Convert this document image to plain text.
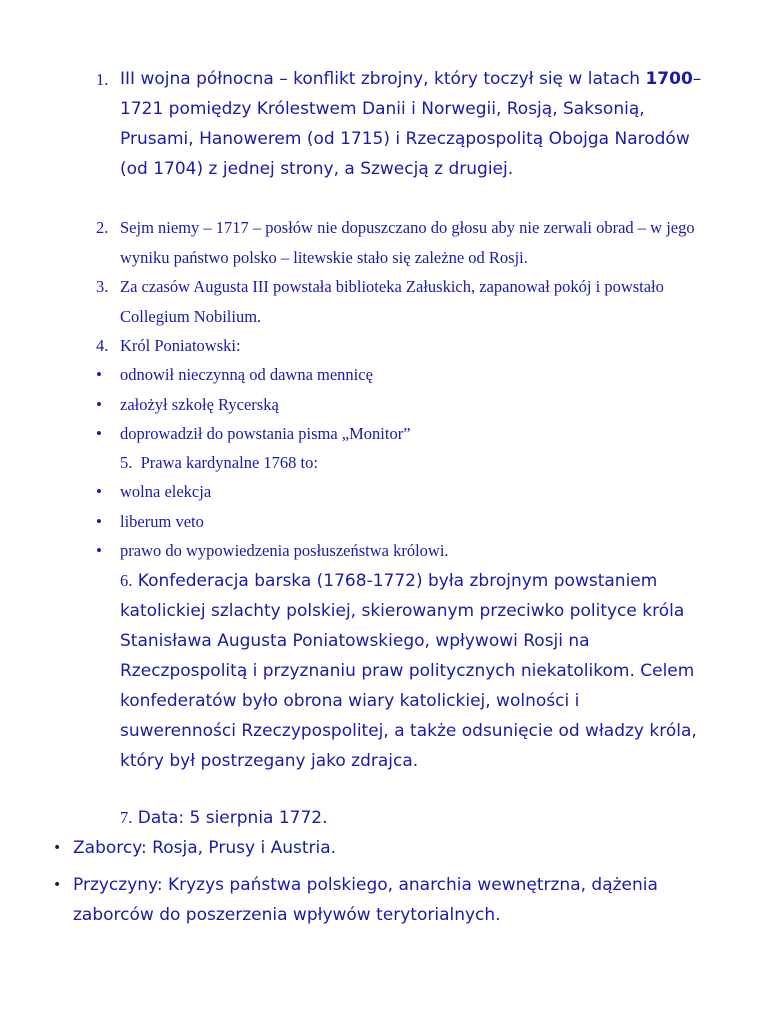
1. III wojna północna – konflikt zbrojny, który toczył się w latach 1700–1721 pomiędzy Królestwem Danii i Norwegii, Rosją, Saksonią, Prusami, Hanowerem (od 1715) i Rzecząpospolitą Obojga Narodów (od 1704) z jednej strony, a Szwecją z drugiej.
2. Sejm niemy – 1717 – posłów nie dopuszczano do głosu aby nie zerwali obrad – w jego wyniku państwo polsko – litewskie stało się zależne od Rosji.
3. Za czasów Augusta III powstała biblioteka Załuskich, zapanował pokój i powstało Collegium Nobilium.
4. Król Poniatowski:
• odnowił nieczynną od dawna mennicę
• założył szkołę Rycerską
• doprowadził do powstania pisma „Monitor”
5. Prawa kardynalne 1768 to:
• wolna elekcja
• liberum veto
• prawo do wypowiedzenia posłuszeństwa królowi.
6. Konfederacja barska (1768-1772) była zbrojnym powstaniem katolickiej szlachty polskiej, skierowanym przeciwko polityce króla Stanisława Augusta Poniatowskiego, wpływowi Rosji na Rzeczpospolitą i przyznaniu praw politycznych niekatolikom. Celem konfederatów było obrona wiary katolickiej, wolności i suwerenności Rzeczypospolitej, a także odsunięcie od władzy króla, który był postrzegany jako zdrajca.
7. Data: 5 sierpnia 1772.
• Zaborcy: Rosja, Prusy i Austria.
• Przyczyny: Kryzys państwa polskiego, anarchia wewnętrzna, dążenia zaborców do poszerzenia wpływów terytorialnych.
